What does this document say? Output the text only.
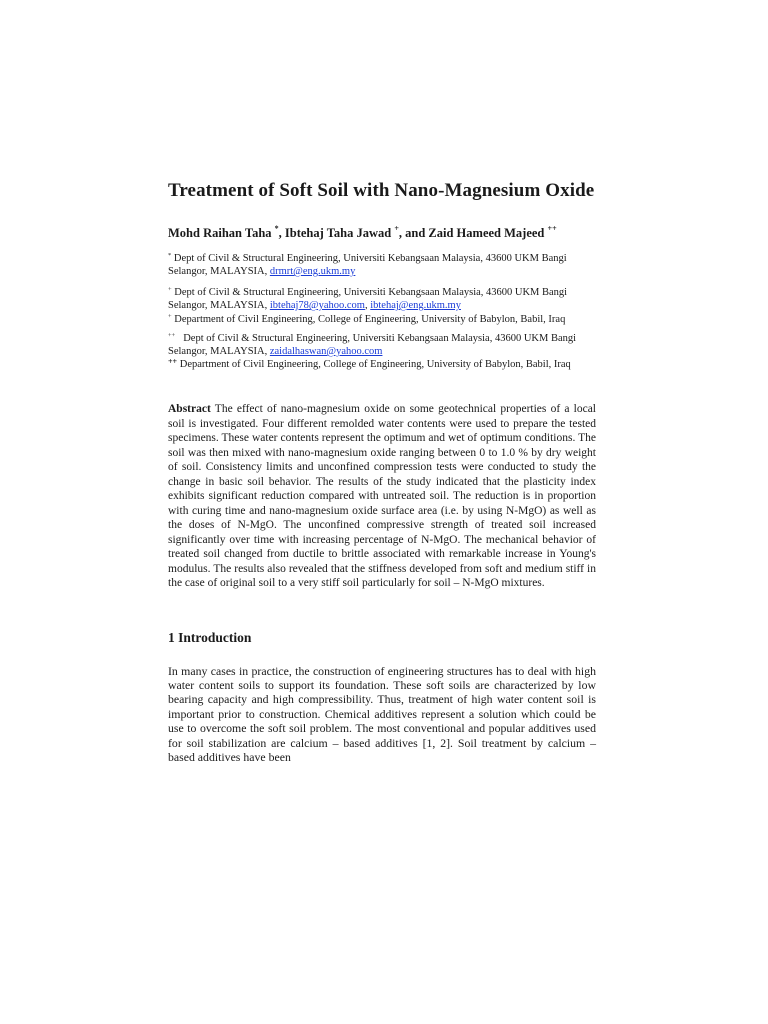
Treatment of Soft Soil with Nano-Magnesium Oxide
Mohd Raihan Taha *, Ibtehaj Taha Jawad +, and Zaid Hameed Majeed ++

* Dept of Civil & Structural Engineering, Universiti Kebangsaan Malaysia, 43600 UKM Bangi Selangor, MALAYSIA, drmrt@eng.ukm.my

+ Dept of Civil & Structural Engineering, Universiti Kebangsaan Malaysia, 43600 UKM Bangi Selangor, MALAYSIA, ibtehaj78@yahoo.com, ibtehaj@eng.ukm.my

+ Department of Civil Engineering, College of Engineering, University of Babylon, Babil, Iraq

++ Dept of Civil & Structural Engineering, Universiti Kebangsaan Malaysia, 43600 UKM Bangi Selangor, MALAYSIA, zaidalhaswan@yahoo.com

++ Department of Civil Engineering, College of Engineering, University of Babylon, Babil, Iraq

Abstract The effect of nano-magnesium oxide on some geotechnical properties of a local soil is investigated. Four different remolded water contents were used to prepare the tested specimens. These water contents represent the optimum and wet of optimum conditions. The soil was then mixed with nano-magnesium oxide ranging between 0 to 1.0 % by dry weight of soil. Consistency limits and unconfined compression tests were conducted to study the change in basic soil behavior. The results of the study indicated that the plasticity index exhibits significant reduction compared with untreated soil. The reduction is in proportion with curing time and nano-magnesium oxide surface area (i.e. by using N-MgO) as well as the doses of N-MgO. The unconfined compressive strength of treated soil increased significantly over time with increasing percentage of N-MgO. The mechanical behavior of treated soil changed from ductile to brittle associated with remarkable increase in Young's modulus. The results also revealed that the stiffness developed from soft and medium stiff in the case of original soil to a very stiff soil particularly for soil – N-MgO mixtures.
1 Introduction
In many cases in practice, the construction of engineering structures has to deal with high water content soils to support its foundation. These soft soils are characterized by low bearing capacity and high compressibility. Thus, treatment of high water content soil is important prior to construction. Chemical additives represent a solution which could be use to overcome the soft soil problem. The most conventional and popular additives used for soil stabilization are calcium – based additives [1, 2]. Soil treatment by calcium – based additives have been
